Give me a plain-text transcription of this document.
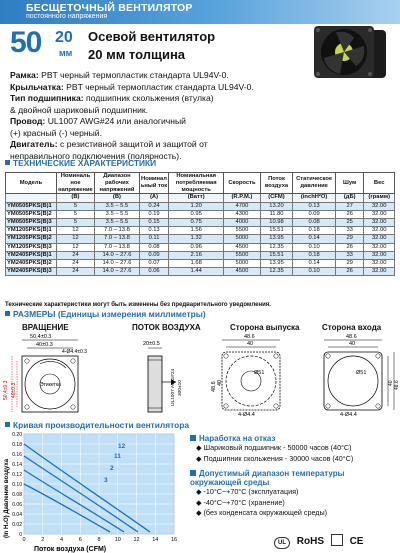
БЕСЩЕТОЧНЫЙ ВЕНТИЛЯТОР
постоянного напряжения
50 20
мм
Осевой вентилятор
20 мм толщина
Рамка: PBT черный термопластик стандарта UL94V-0.
Крыльчатка: PBT черный термопластик стандарта UL94V-0.
Тип подшипника: подшипник скольжения (втулка)
& двойной шариковый подшипник.
Провод: UL1007 AWG#24 или аналогичный
(+) красный (-) черный.
Двигатель: с резистивной защитой и защитой от
неправильного подключения (полярность).
ТЕХНИЧЕСКИЕ ХАРАКТЕРИСТИКИ
Модель	Номиналь ное напряжение	Диапазон рабочих напряжений	Номинал ьный ток	Номинальная потребляемая мощность	Скорость	Поток воздуха	Статическое давление	Шум	Вес
	(В)	(В)	(А)	(Ватт)	(R.P.M.)	(CFM)	(inchH²O)	(дБ)	(грамм)
YM0505PKS(B)1	5	3.5 – 5.5	0.24	1.20	4700	13.20	0.13	27	32.00
YM0505PKS(B)2	5	3.5 – 5.5	0.19	0.95	4300	11.80	0.09	26	32.00
YM0505PKS(B)3	5	3.5 – 5.5	0.15	0.75	4000	10.98	0.08	25	32.00
YM1205PKS(B)1	12	7.0 – 13.8	0.13	1.56	5500	15.51	0.18	33	32.00
YM1205PKS(B)2	12	7.0 – 13.8	0.11	1.32	5000	13.95	0.14	29	32.00
YM1205PKS(B)3	12	7.0 – 13.8	0.08	0.96	4500	12.35	0.10	26	32.00
YM2405PKS(B)1	24	14.0 – 27.6	0.09	2.16	5500	15.51	0.18	33	32.00
YM2405PKS(B)2	24	14.0 – 27.6	0.07	1.68	5000	13.95	0.14	29	32.00
YM2405PKS(B)3	24	14.0 – 27.6	0.06	1.44	4500	12.35	0.10	26	32.00
Технические характеристики могут быть изменены без предварительного уведомления.
РАЗМЕРЫ (Единицы измерения миллиметры)
ВРАЩЕНИЕ	ПОТОК ВОЗДУХА	Сторона выпуска	Сторона входа
50,4±0.3
40±0.3
4-Ø4.4±0.3
Этикетка
50,4±0.3 40±0.3
20±0.5
UL1007 AWG#24 300±10
48.6
40
Ø51
4-Ø4.4
48.6 40
48.6
40
Ø51
4-Ø4.4
40 48.6
Кривая производительности вентилятора
0.20
0.18
0.16
0.14
0.12
0.10
0.08
0.06
0.04
0.02
0
0	2	4	6	8	10 12 14 16
12
11
2
3
(In H₂O) Давление воздуха
Поток воздуха (CFM)
Наработка на отказ
◆ Шариковый подшипник - 50000 часов (40°C)
◆ Подшипник скольжения - 30000 часов (40°C)
Допустимый диапазон температуры окружающей среды
◆ -10°C~+70°C (эксплуатация)
◆ -40°C~+70°C (хранение)
◆ (без конденсата окружающей среды)
UL RoHS	CE
